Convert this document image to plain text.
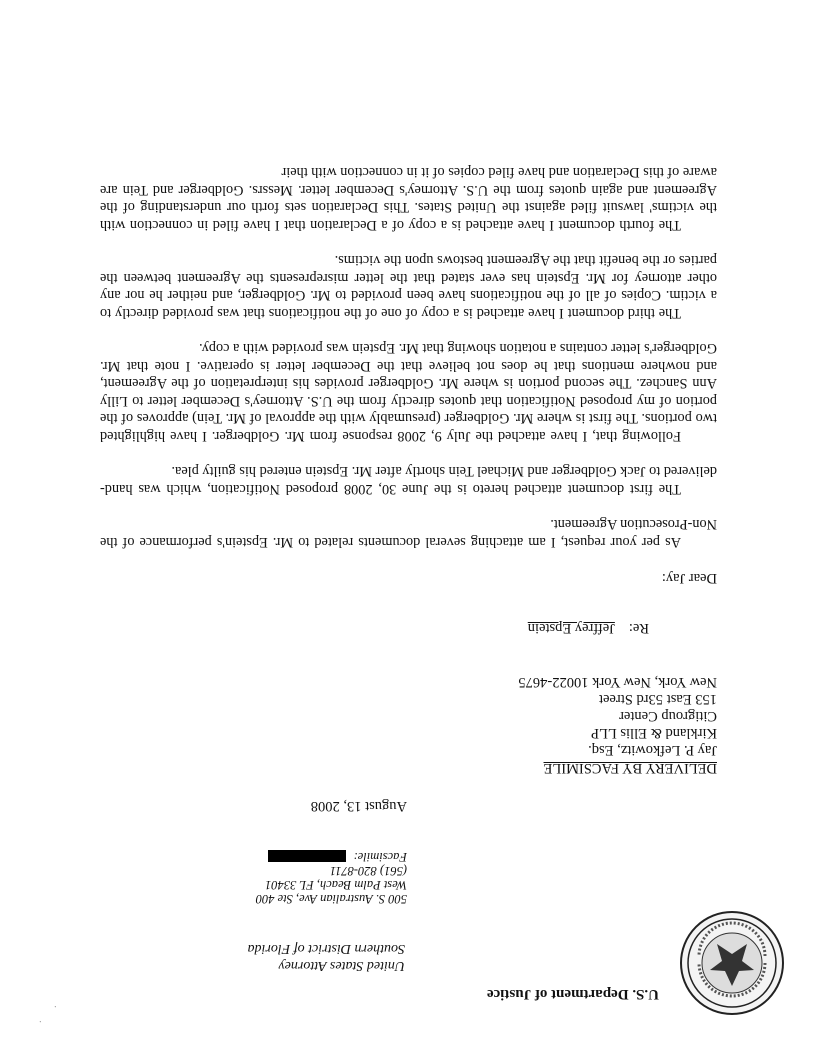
U.S. Department of Justice
United States Attorney
Southern District of Florida
500 S. Australian Ave, Ste 400
West Palm Beach, FL 33401
(561) 820-8711
Facsimile:
August 13, 2008
DELIVERY BY FACSIMILE
Jay P. Lefkowitz, Esq.
Kirkland & Ellis LLP
Citigroup Center
153 East 53rd Street
New York, New York 10022-4675
Re:Jeffrey Epstein
Dear Jay:

As per your request, I am attaching several documents related to Mr. Epstein's performance of the Non-Prosecution Agreement.

The first document attached hereto is the June 30, 2008 proposed Notification, which was hand-delivered to Jack Goldberger and Michael Tein shortly after Mr. Epstein entered his guilty plea.

Following that, I have attached the July 9, 2008 response from Mr. Goldberger. I have highlighted two portions. The first is where Mr. Goldberger (presumably with the approval of Mr. Tein) approves of the portion of my proposed Notification that quotes directly from the U.S. Attorney's December letter to Lilly Ann Sanchez. The second portion is where Mr. Goldberger provides his interpretation of the Agreement, and nowhere mentions that he does not believe that the December letter is operative. I note that Mr. Goldberger's letter contains a notation showing that Mr. Epstein was provided with a copy.

The third document I have attached is a copy of one of the notifications that was provided directly to a victim. Copies of all of the notifications have been provided to Mr. Goldberger, and neither he nor any other attorney for Mr. Epstein has ever stated that the letter misrepresents the Agreement between the parties or the benefit that the Agreement bestows upon the victims.

The fourth document I have attached is a copy of a Declaration that I have filed in connection with the victims' lawsuit filed against the United States. This Declaration sets forth our understanding of the Agreement and again quotes from the U.S. Attorney's December letter. Messrs. Goldberger and Tein are aware of this Declaration and have filed copies of it in connection with their

·
·
